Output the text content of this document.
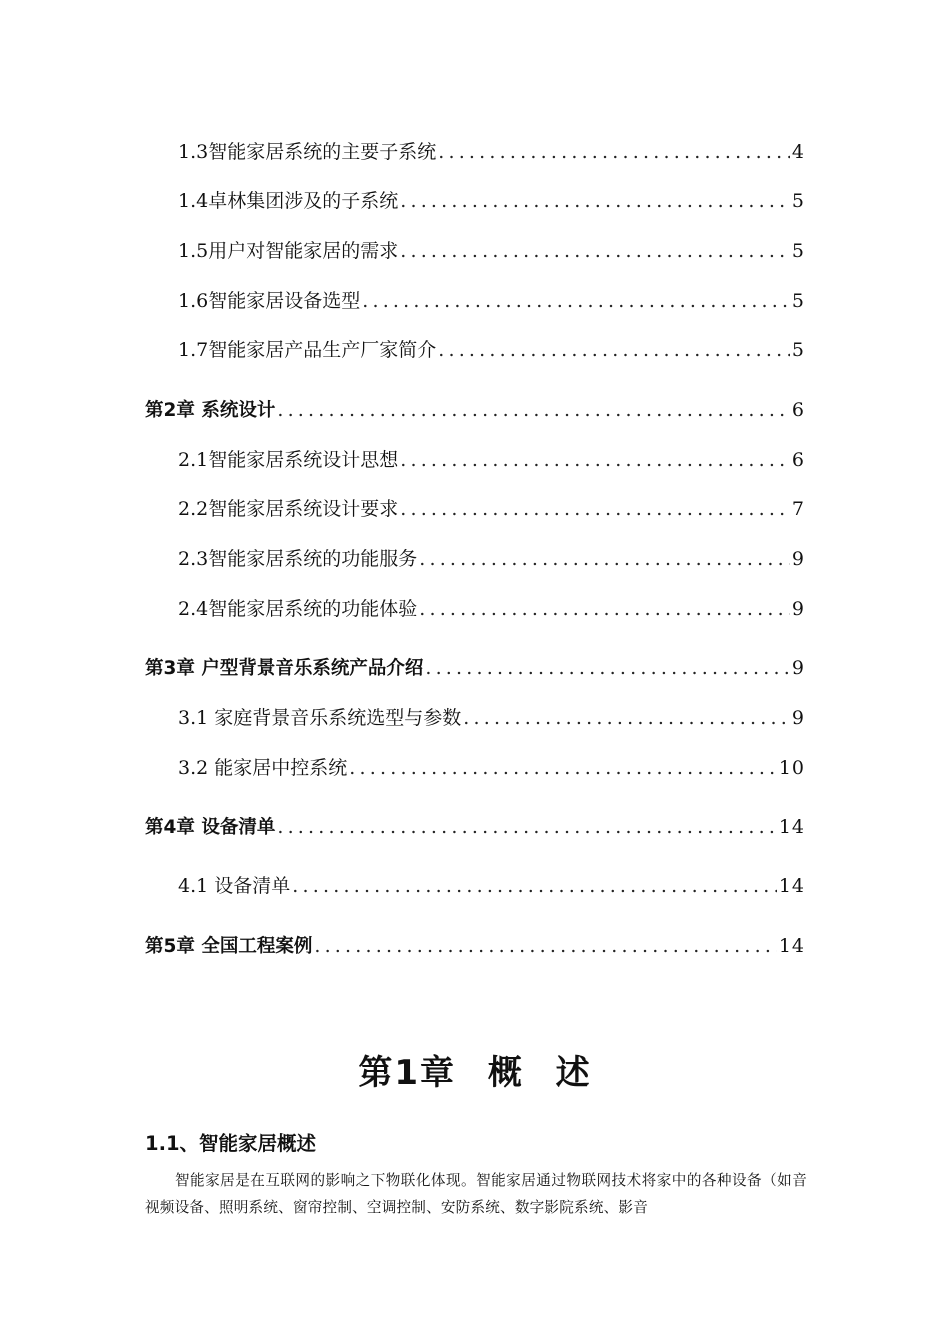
1.3智能家居系统的主要子系统 .....	4
1.4卓林集团涉及的子系统 .....	5
1.5用户对智能家居的需求 .....	5
1.6智能家居设备选型 .....	5
1.7智能家居产品生产厂家简介 .....	5
第2章 系统设计 .....	6
2.1智能家居系统设计思想 .....	6
2.2智能家居系统设计要求 .....	7
2.3智能家居系统的功能服务 .....	9
2.4智能家居系统的功能体验 .....	9
第3章 户型背景音乐系统产品介绍 .....	9
3.1 家庭背景音乐系统选型与参数 .....	9
3.2 能家居中控系统 .....	10
第4章 设备清单 .....	14
4.1 设备清单 .....	14
第5章 全国工程案例 .....	14
第1章 概 述
1.1、智能家居概述
智能家居是在互联网的影响之下物联化体现。智能家居通过物联网技术将家中的各种设备（如音视频设备、照明系统、窗帘控制、空调控制、安防系统、数字影院系统、影音
